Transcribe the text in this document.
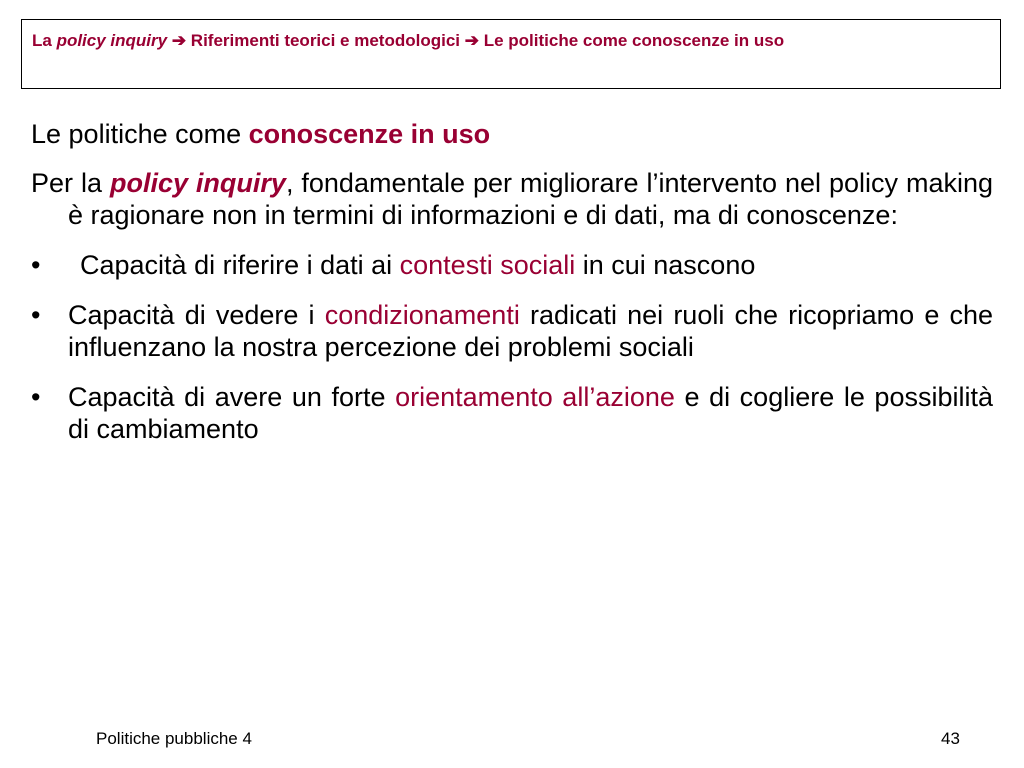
La policy inquiry ➔ Riferimenti teorici e metodologici ➔ Le politiche come conoscenze in uso
Le politiche come conoscenze in uso
Per la policy inquiry, fondamentale per migliorare l’intervento nel policy making è ragionare non in termini di informazioni e di dati, ma di conoscenze:
•	Capacità di riferire i dati ai contesti sociali in cui nascono
• Capacità di vedere i condizionamenti radicati nei ruoli che ricopriamo e che influenzano la nostra percezione dei problemi sociali
• Capacità di avere un forte orientamento all’azione e di cogliere le possibilità di cambiamento
Politiche pubbliche 4	43
